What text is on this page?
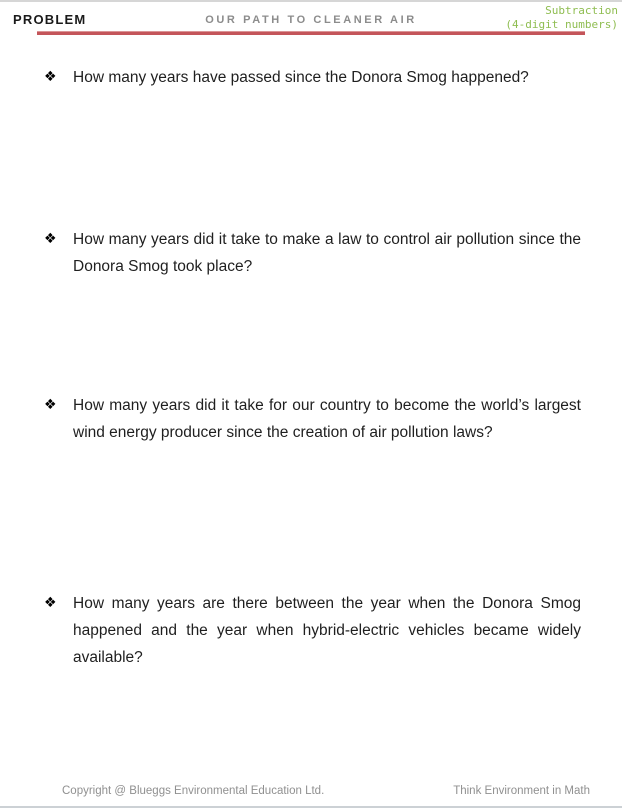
PROBLEM	OUR PATH TO CLEANER AIR
Subtraction
(4-digit numbers)
❖	How many years have passed since the Donora Smog happened?
❖	How many years did it take to make a law to control air pollution since the Donora Smog took place?
❖	How many years did it take for our country to become the world’s largest wind energy producer since the creation of air pollution laws?
❖	How many years are there between the year when the Donora Smog happened and the year when hybrid-electric vehicles became widely available?
Copyright @ Blueggs Environmental Education Ltd.	Think Environment in Math
